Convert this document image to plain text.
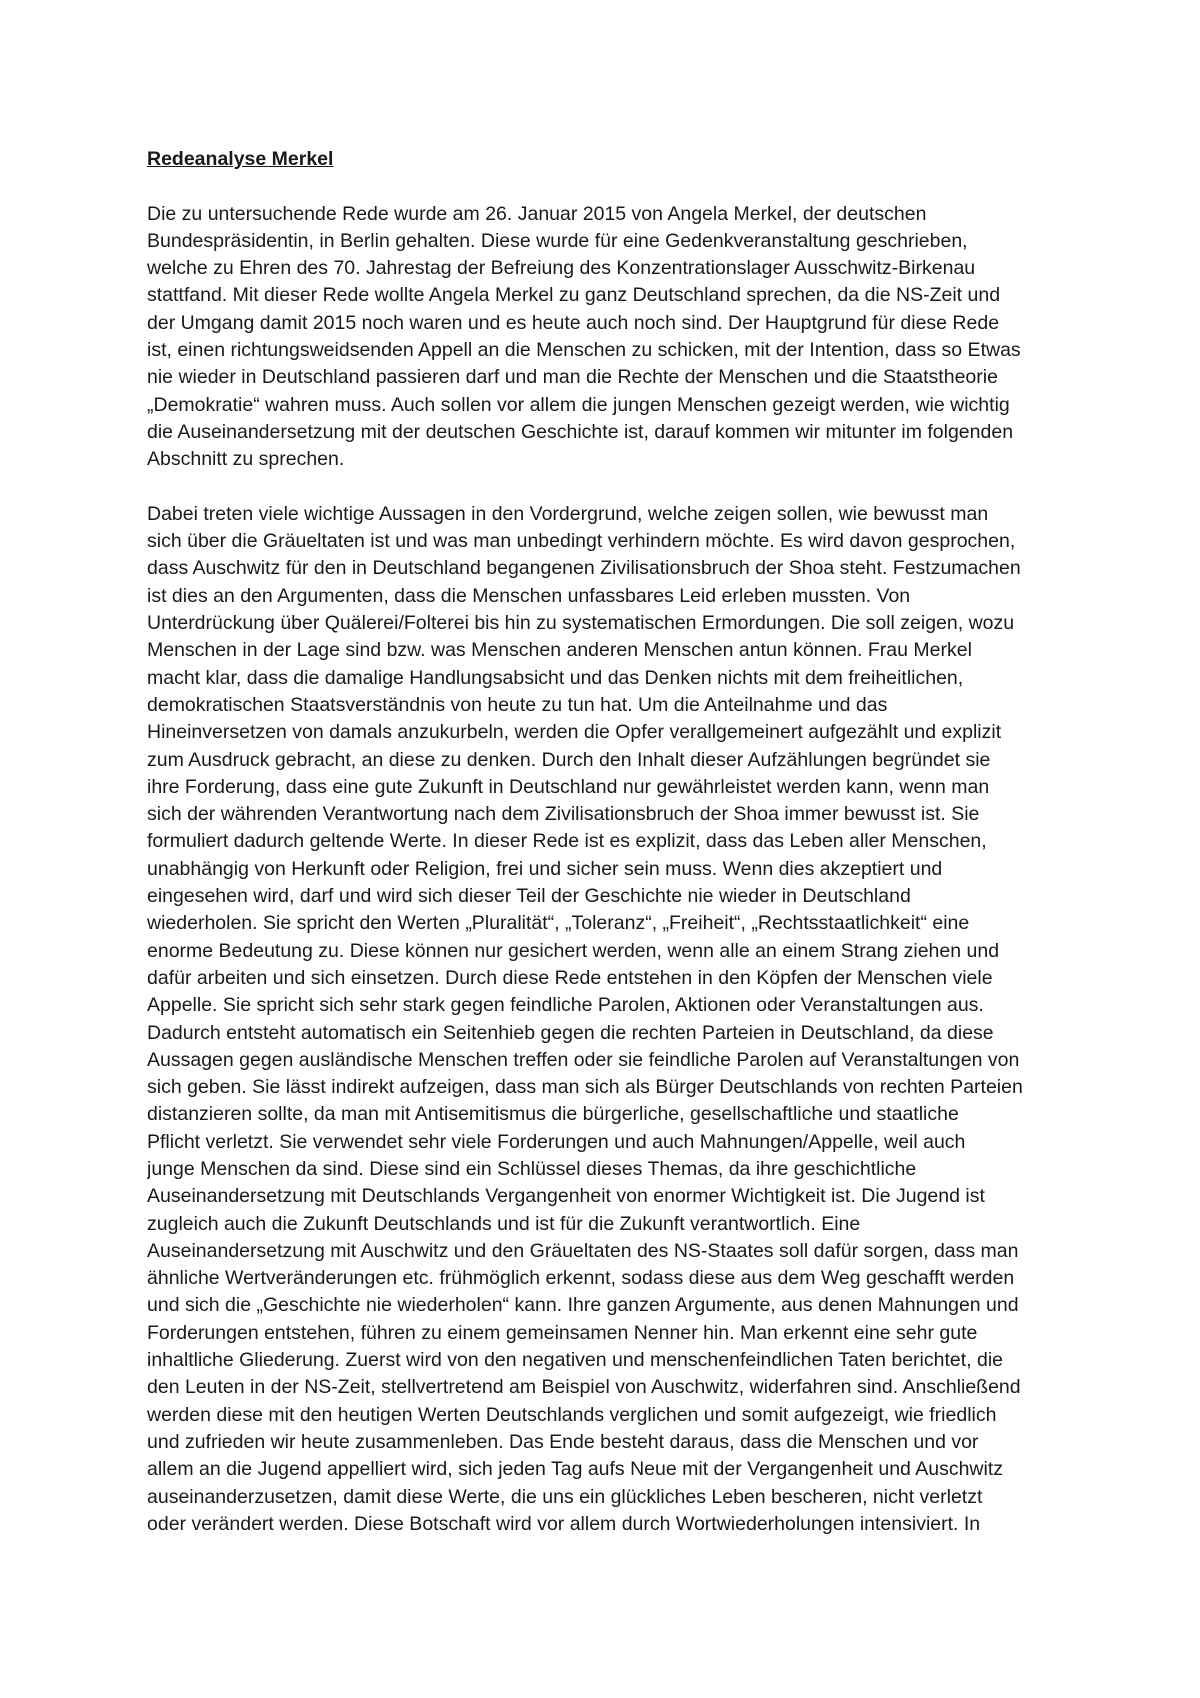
Redeanalyse Merkel
Die zu untersuchende Rede wurde am 26. Januar 2015 von Angela Merkel, der deutschen
Bundespräsidentin, in Berlin gehalten. Diese wurde für eine Gedenkveranstaltung geschrieben,
welche zu Ehren des 70. Jahrestag der Befreiung des Konzentrationslager Ausschwitz-Birkenau
stattfand. Mit dieser Rede wollte Angela Merkel zu ganz Deutschland sprechen, da die NS-Zeit und
der Umgang damit 2015 noch waren und es heute auch noch sind. Der Hauptgrund für diese Rede
ist, einen richtungsweidsenden Appell an die Menschen zu schicken, mit der Intention, dass so Etwas
nie wieder in Deutschland passieren darf und man die Rechte der Menschen und die Staatstheorie
„Demokratie“ wahren muss. Auch sollen vor allem die jungen Menschen gezeigt werden, wie wichtig
die Auseinandersetzung mit der deutschen Geschichte ist, darauf kommen wir mitunter im folgenden
Abschnitt zu sprechen.
Dabei treten viele wichtige Aussagen in den Vordergrund, welche zeigen sollen, wie bewusst man
sich über die Gräueltaten ist und was man unbedingt verhindern möchte. Es wird davon gesprochen,
dass Auschwitz für den in Deutschland begangenen Zivilisationsbruch der Shoa steht. Festzumachen
ist dies an den Argumenten, dass die Menschen unfassbares Leid erleben mussten. Von
Unterdrückung über Quälerei/Folterei bis hin zu systematischen Ermordungen. Die soll zeigen, wozu
Menschen in der Lage sind bzw. was Menschen anderen Menschen antun können. Frau Merkel
macht klar, dass die damalige Handlungsabsicht und das Denken nichts mit dem freiheitlichen,
demokratischen Staatsverständnis von heute zu tun hat. Um die Anteilnahme und das
Hineinversetzen von damals anzukurbeln, werden die Opfer verallgemeinert aufgezählt und explizit
zum Ausdruck gebracht, an diese zu denken. Durch den Inhalt dieser Aufzählungen begründet sie
ihre Forderung, dass eine gute Zukunft in Deutschland nur gewährleistet werden kann, wenn man
sich der währenden Verantwortung nach dem Zivilisationsbruch der Shoa immer bewusst ist. Sie
formuliert dadurch geltende Werte. In dieser Rede ist es explizit, dass das Leben aller Menschen,
unabhängig von Herkunft oder Religion, frei und sicher sein muss. Wenn dies akzeptiert und
eingesehen wird, darf und wird sich dieser Teil der Geschichte nie wieder in Deutschland
wiederholen. Sie spricht den Werten „Pluralität“, „Toleranz“, „Freiheit“, „Rechtsstaatlichkeit“ eine
enorme Bedeutung zu. Diese können nur gesichert werden, wenn alle an einem Strang ziehen und
dafür arbeiten und sich einsetzen. Durch diese Rede entstehen in den Köpfen der Menschen viele
Appelle. Sie spricht sich sehr stark gegen feindliche Parolen, Aktionen oder Veranstaltungen aus.
Dadurch entsteht automatisch ein Seitenhieb gegen die rechten Parteien in Deutschland, da diese
Aussagen gegen ausländische Menschen treffen oder sie feindliche Parolen auf Veranstaltungen von
sich geben. Sie lässt indirekt aufzeigen, dass man sich als Bürger Deutschlands von rechten Parteien
distanzieren sollte, da man mit Antisemitismus die bürgerliche, gesellschaftliche und staatliche
Pflicht verletzt. Sie verwendet sehr viele Forderungen und auch Mahnungen/Appelle, weil auch
junge Menschen da sind. Diese sind ein Schlüssel dieses Themas, da ihre geschichtliche
Auseinandersetzung mit Deutschlands Vergangenheit von enormer Wichtigkeit ist. Die Jugend ist
zugleich auch die Zukunft Deutschlands und ist für die Zukunft verantwortlich. Eine
Auseinandersetzung mit Auschwitz und den Gräueltaten des NS-Staates soll dafür sorgen, dass man
ähnliche Wertveränderungen etc. frühmöglich erkennt, sodass diese aus dem Weg geschafft werden
und sich die „Geschichte nie wiederholen“ kann. Ihre ganzen Argumente, aus denen Mahnungen und
Forderungen entstehen, führen zu einem gemeinsamen Nenner hin. Man erkennt eine sehr gute
inhaltliche Gliederung. Zuerst wird von den negativen und menschenfeindlichen Taten berichtet, die
den Leuten in der NS-Zeit, stellvertretend am Beispiel von Auschwitz, widerfahren sind. Anschließend
werden diese mit den heutigen Werten Deutschlands verglichen und somit aufgezeigt, wie friedlich
und zufrieden wir heute zusammenleben. Das Ende besteht daraus, dass die Menschen und vor
allem an die Jugend appelliert wird, sich jeden Tag aufs Neue mit der Vergangenheit und Auschwitz
auseinanderzusetzen, damit diese Werte, die uns ein glückliches Leben bescheren, nicht verletzt
oder verändert werden. Diese Botschaft wird vor allem durch Wortwiederholungen intensiviert. In
